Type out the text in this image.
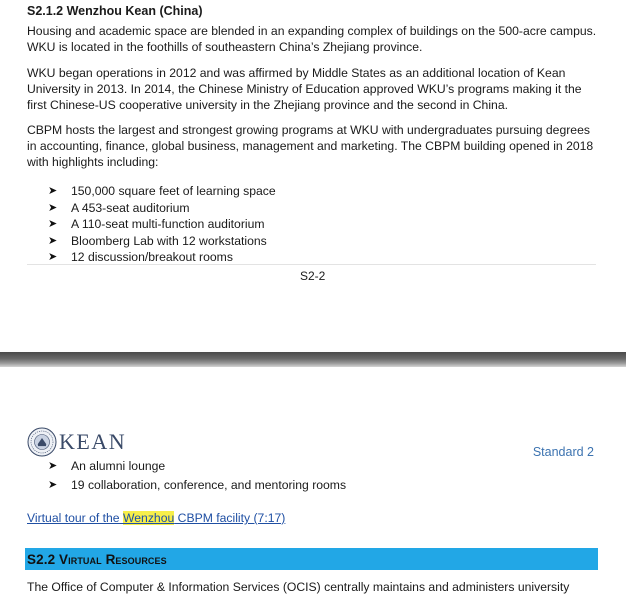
S2.1.2 Wenzhou Kean (China)
Housing and academic space are blended in an expanding complex of buildings on the 500-acre campus. WKU is located in the foothills of southeastern China’s Zhejiang province.
WKU began operations in 2012 and was affirmed by Middle States as an additional location of Kean University in 2013. In 2014, the Chinese Ministry of Education approved WKU’s programs making it the first Chinese-US cooperative university in the Zhejiang province and the second in China.
CBPM hosts the largest and strongest growing programs at WKU with undergraduates pursuing degrees in accounting, finance, global business, management and marketing. The CBPM building opened in 2018 with highlights including:
➤	150,000 square feet of learning space
➤	A 453-seat auditorium
➤	A 110-seat multi-function auditorium
➤	Bloomberg Lab with 12 workstations
➤	12 discussion/breakout rooms
S2-2
KEAN	Standard 2
➤	An alumni lounge
➤	19 collaboration, conference, and mentoring rooms
Virtual tour of the Wenzhou CBPM facility (7:17)
S2.2 Virtual Resources
The Office of Computer & Information Services (OCIS) centrally maintains and administers university
